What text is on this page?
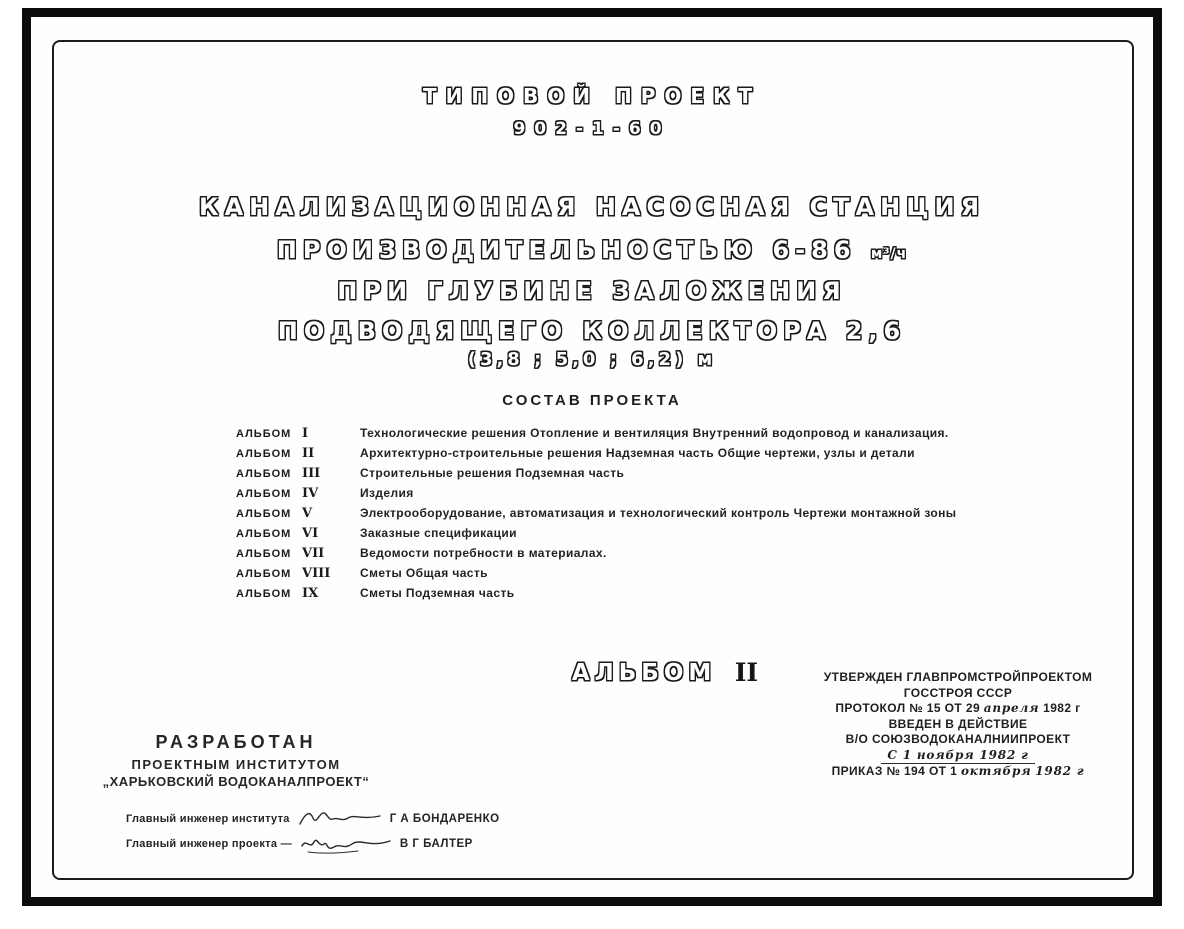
ТИПОВОЙ ПРОЕКТ
902-1-60
КАНАЛИЗАЦИОННАЯ НАСОСНАЯ СТАНЦИЯ
ПРОИЗВОДИТЕЛЬНОСТЬЮ 6-86 м³/ч
ПРИ ГЛУБИНЕ ЗАЛОЖЕНИЯ
ПОДВОДЯЩЕГО КОЛЛЕКТОРА 2,6
(3,8 ; 5,0 ; 6,2) м
СОСТАВ ПРОЕКТА
АЛЬБОМ I	Технологические решения Отопление и вентиляция Внутренний водопровод и канализация.
АЛЬБОМ II	Архитектурно-строительные решения Надземная часть Общие чертежи, узлы и детали
АЛЬБОМ III	Строительные решения Подземная часть
АЛЬБОМ IV	Изделия
АЛЬБОМ V	Электрооборудование, автоматизация и технологический контроль Чертежи монтажной зоны
АЛЬБОМ VI	Заказные спецификации
АЛЬБОМ VII	Ведомости потребности в материалах.
АЛЬБОМ VIII	Сметы Общая часть
АЛЬБОМ IX	Сметы Подземная часть
АЛЬБОМ II	УТВЕРЖДЕН ГЛАВПРОМСТРОЙПРОЕКТОМ
ГОССТРОЯ СССР
ПРОТОКОЛ № 15 ОТ 29 апреля 1982 г
ВВЕДЕН В ДЕЙСТВИЕ
В/О СОЮЗВОДОКАНАЛНИИПРОЕКТ
С 1 ноября 1982 г
ПРИКАЗ № 194 ОТ 1 октября 1982 г
РАЗРАБОТАН
ПРОЕКТНЫМ ИНСТИТУТОМ
„ХАРЬКОВСКИЙ ВОДОКАНАЛПРОЕКТ“
Главный инженер института	Г А БОНДАРЕНКО
Главный инженер проекта —	В Г БАЛТЕР
